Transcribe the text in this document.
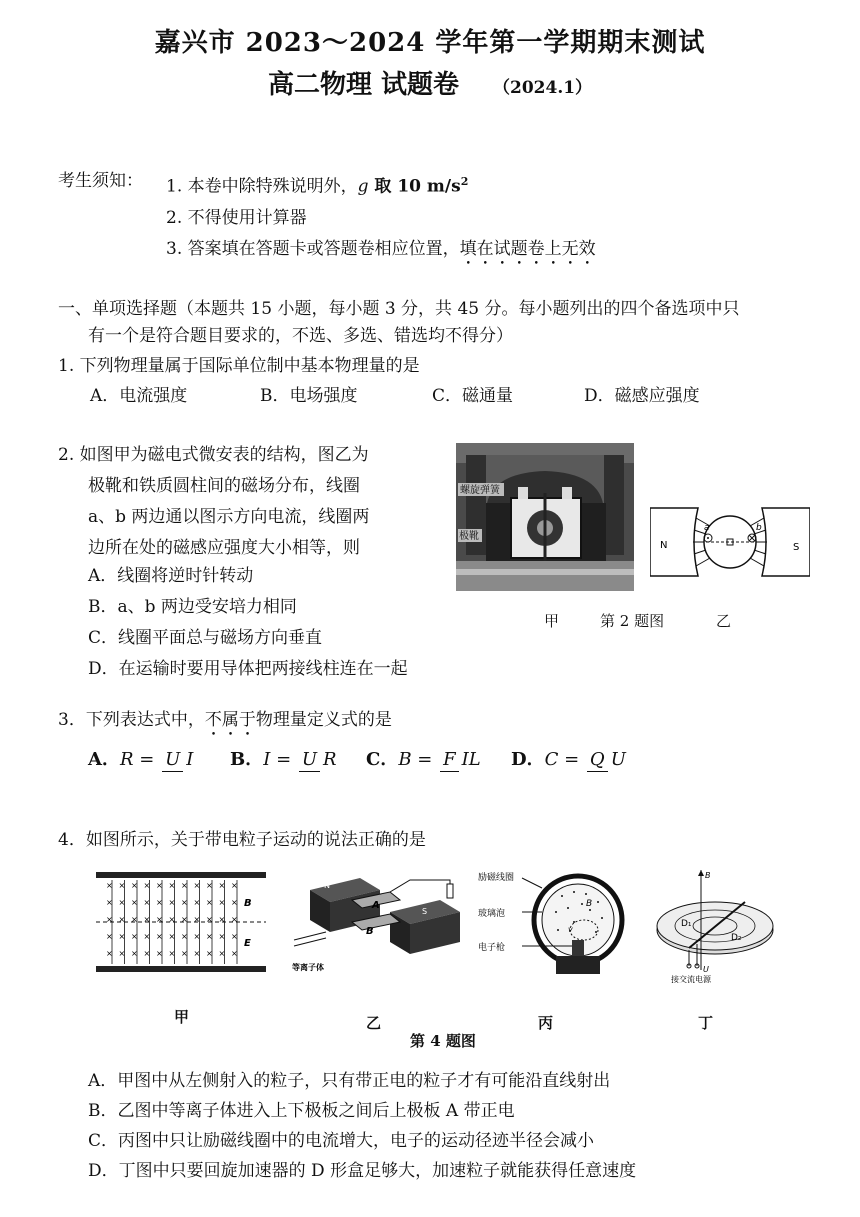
嘉兴市 2023～2024 学年第一学期期末测试
高二物理 试题卷 （2024.1）
考生须知：	1. 本卷中除特殊说明外，g 取 10 $m/s^2$
2. 不得使用计算器
3. 答案填在答题卡或答题卷相应位置，填在试题卷上无效
一、单项选择题（本题共 15 小题，每小题 3 分，共 45 分。每小题列出的四个备选项中只
有一个是符合题目要求的，不选、多选、错选均不得分）
1. 下列物理量属于国际单位制中基本物理量的是
A．电流强度	B．电场强度	C．磁通量	D．磁感应强度
2. 如图甲为磁电式微安表的结构，图乙为
极靴和铁质圆柱间的磁场分布，线圈
a、b 两边通以图示方向电流，线圈两
边所在处的磁感应强度大小相等，则
A．线圈将逆时针转动
B．a、b 两边受安培力相同
C．线圈平面总与磁场方向垂直
D．在运输时要用导体把两接线柱连在一起
螺旋弹簧
极靴
N	S
a	b
甲	第 2 题图	乙
3．下列表达式中，不属于物理量定义式的是
A．R = U I	B．I = U R	C．B = F IL	D．C = Q U
4．如图所示，关于带电粒子运动的说法正确的是
B
E
×
×
×
×
×
×
×
×
×
×
×
×
×
×
×
×
×
×
×
×
×
×
×
×
×
×
×
×
×
×
×
×
×
×
×
×
×
×
×
×
×
×
×
×
×
×
×
×
×
×
×
×
×
×
×
N
A
B
S
等离子体
励磁线圈
玻璃泡
电子枪
B
v
B
D₁
D₂
U
接交流电源
甲	乙	丙	丁
第 4 题图
A．甲图中从左侧射入的粒子，只有带正电的粒子才有可能沿直线射出
B．乙图中等离子体进入上下极板之间后上极板 A 带正电
C．丙图中只让励磁线圈中的电流增大，电子的运动径迹半径会减小
D．丁图中只要回旋加速器的 D 形盒足够大，加速粒子就能获得任意速度
